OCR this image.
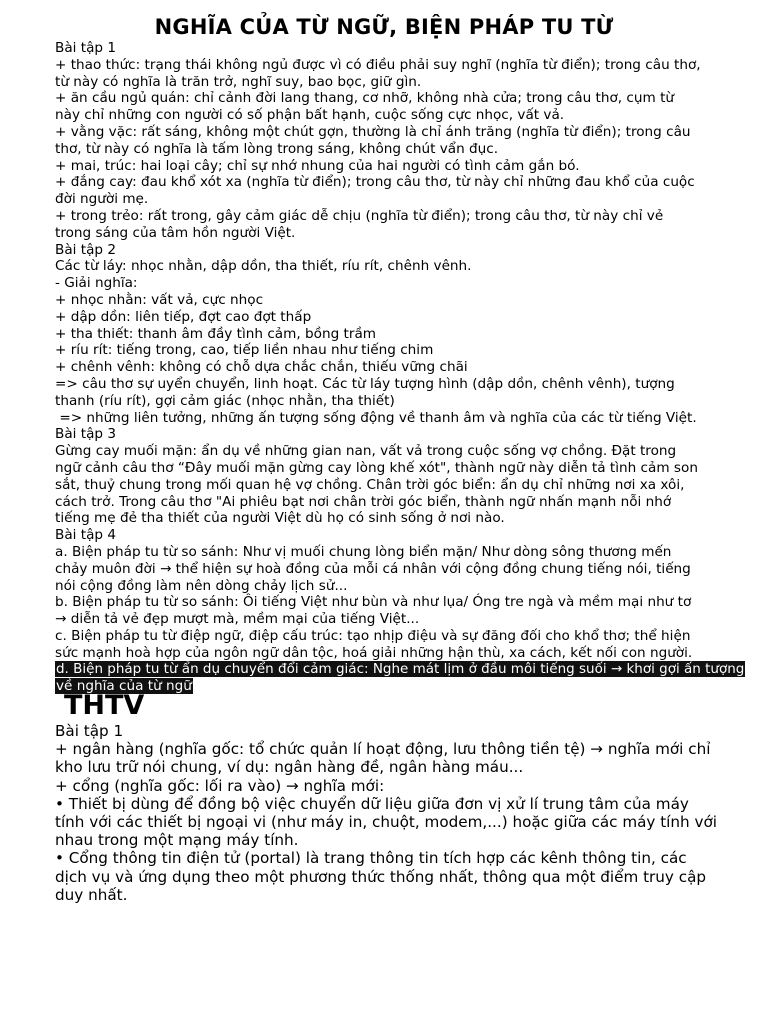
NGHĨA CỦA TỪ NGỮ, BIỆN PHÁP TU TỪ
Bài tập 1
+ thao thức: trạng thái không ngủ được vì có điều phải suy nghĩ (nghĩa từ điển); trong câu thơ,
từ này có nghĩa là trăn trở, nghĩ suy, bao bọc, giữ gìn.
+ ăn cầu ngủ quán: chỉ cảnh đời lang thang, cơ nhỡ, không nhà cửa; trong câu thơ, cụm từ
này chỉ những con người có số phận bất hạnh, cuộc sống cực nhọc, vất vả.
+ vằng vặc: rất sáng, không một chút gợn, thường là chỉ ánh trăng (nghĩa từ điển); trong câu
thơ, từ này có nghĩa là tấm lòng trong sáng, không chút vẩn đục.
+ mai, trúc: hai loại cây; chỉ sự nhớ nhung của hai người có tình cảm gắn bó.
+ đắng cay: đau khổ xót xa (nghĩa từ điển); trong câu thơ, từ này chỉ những đau khổ của cuộc
đời người mẹ.
+ trong trẻo: rất trong, gây cảm giác dễ chịu (nghĩa từ điển); trong câu thơ, từ này chỉ vẻ
trong sáng của tâm hồn người Việt.
Bài tập 2
Các từ láy: nhọc nhằn, dập dồn, tha thiết, ríu rít, chênh vênh.
- Giải nghĩa:
+ nhọc nhằn: vất vả, cực nhọc
+ dập dồn: liên tiếp, đợt cao đợt thấp
+ tha thiết: thanh âm đầy tình cảm, bồng trầm
+ ríu rít: tiếng trong, cao, tiếp liền nhau như tiếng chim
+ chênh vênh: không có chỗ dựa chắc chắn, thiếu vững chãi
=> câu thơ sự uyển chuyển, linh hoạt. Các từ láy tượng hình (dập dồn, chênh vênh), tượng
thanh (ríu rít), gợi cảm giác (nhọc nhằn, tha thiết)
=> những liên tưởng, những ấn tượng sống động về thanh âm và nghĩa của các từ tiếng Việt.
Bài tập 3
Gừng cay muối mặn: ẩn dụ về những gian nan, vất vả trong cuộc sống vợ chồng. Đặt trong
ngữ cảnh câu thơ “Đây muối mặn gừng cay lòng khế xót", thành ngữ này diễn tả tình cảm son
sắt, thuỷ chung trong mối quan hệ vợ chồng. Chân trời góc biển: ẩn dụ chỉ những nơi xa xôi,
cách trở. Trong câu thơ "Ai phiêu bạt nơi chân trời góc biển, thành ngữ nhấn mạnh nỗi nhớ
tiếng mẹ đẻ tha thiết của người Việt dù họ có sinh sống ở nơi nào.
Bài tập 4
a. Biện pháp tu từ so sánh: Như vị muối chung lòng biển mặn/ Như dòng sông thương mến
chảy muôn đời → thể hiện sự hoà đồng của mỗi cá nhân với cộng đồng chung tiếng nói, tiếng
nói cộng đồng làm nên dòng chảy lịch sử...
b. Biện pháp tu từ so sánh: Ôi tiếng Việt như bùn và như lụa/ Óng tre ngà và mềm mại như tơ
→ diễn tả vẻ đẹp mượt mà, mềm mại của tiếng Việt...
c. Biện pháp tu từ điệp ngữ, điệp cấu trúc: tạo nhịp điệu và sự đăng đối cho khổ thơ; thể hiện
sức mạnh hoà hợp của ngôn ngữ dân tộc, hoá giải những hận thù, xa cách, kết nối con người.
d. Biện pháp tu từ ẩn dụ chuyển đổi cảm giác: Nghe mát lịm ở đầu môi tiếng suối → khơi gợi ấn tượng
về nghĩa của từ ngữ
THTV
Bài tập 1
+ ngân hàng (nghĩa gốc: tổ chức quản lí hoạt động, lưu thông tiền tệ) → nghĩa mới chỉ
kho lưu trữ nói chung, ví dụ: ngân hàng đề, ngân hàng máu...
+ cổng (nghĩa gốc: lối ra vào) → nghĩa mới:
• Thiết bị dùng để đồng bộ việc chuyển dữ liệu giữa đơn vị xử lí trung tâm của máy
tính với các thiết bị ngoại vi (như máy in, chuột, modem,...) hoặc giữa các máy tính với
nhau trong một mạng máy tính.
• Cổng thông tin điện tử (portal) là trang thông tin tích hợp các kênh thông tin, các
dịch vụ và ứng dụng theo một phương thức thống nhất, thông qua một điểm truy cập
duy nhất.
